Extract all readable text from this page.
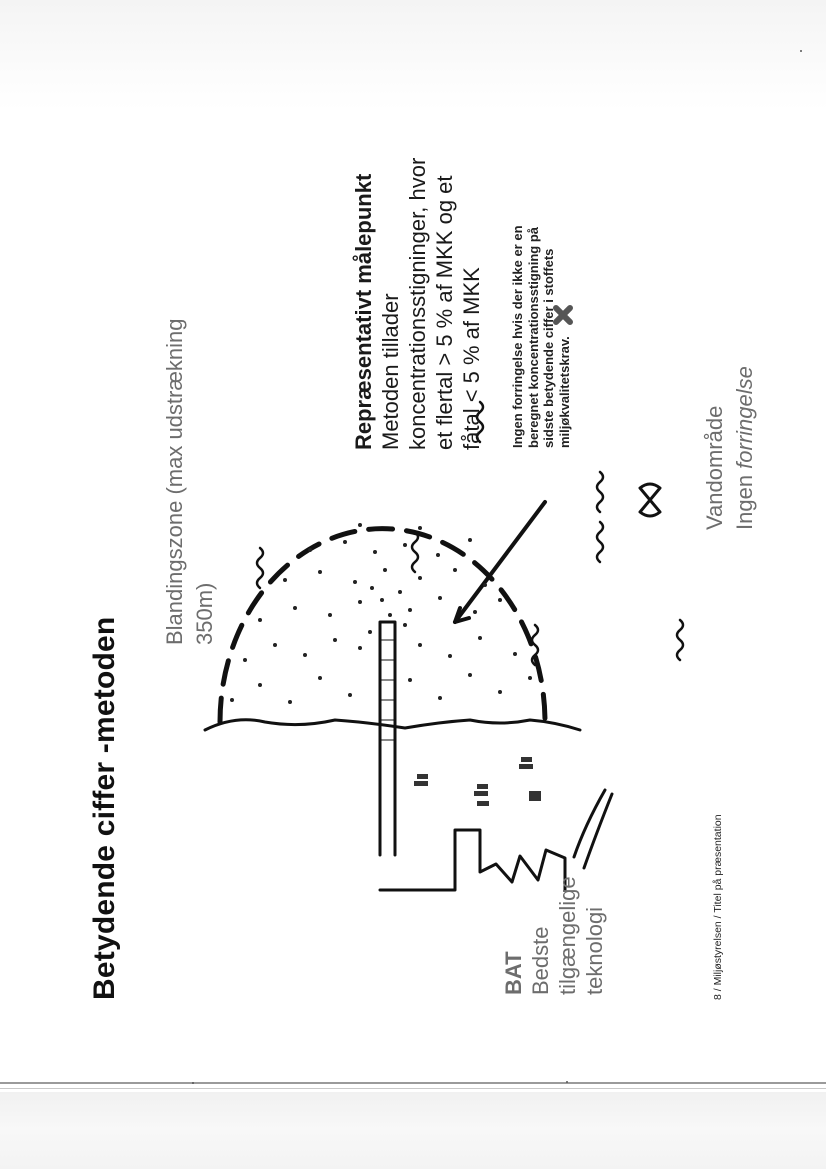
Betydende ciffer -metoden	BAT Bedste tilgængelige teknologi
Blandingszone (max udstrækning 350m)
Repræsentativt målepunkt Metoden tillader koncentrationsstigninger, hvor et flertal > 5 % af MKK og et fåtal < 5 % af MKK Ingen forringelse hvis der ikke er en beregnet koncentrationsstigning på sidste betydende ciffer i stoffets miljøkvalitetskrav.
Vandområde Ingen forringelse

8 / Miljøstyrelsen / Titel på præsentation
